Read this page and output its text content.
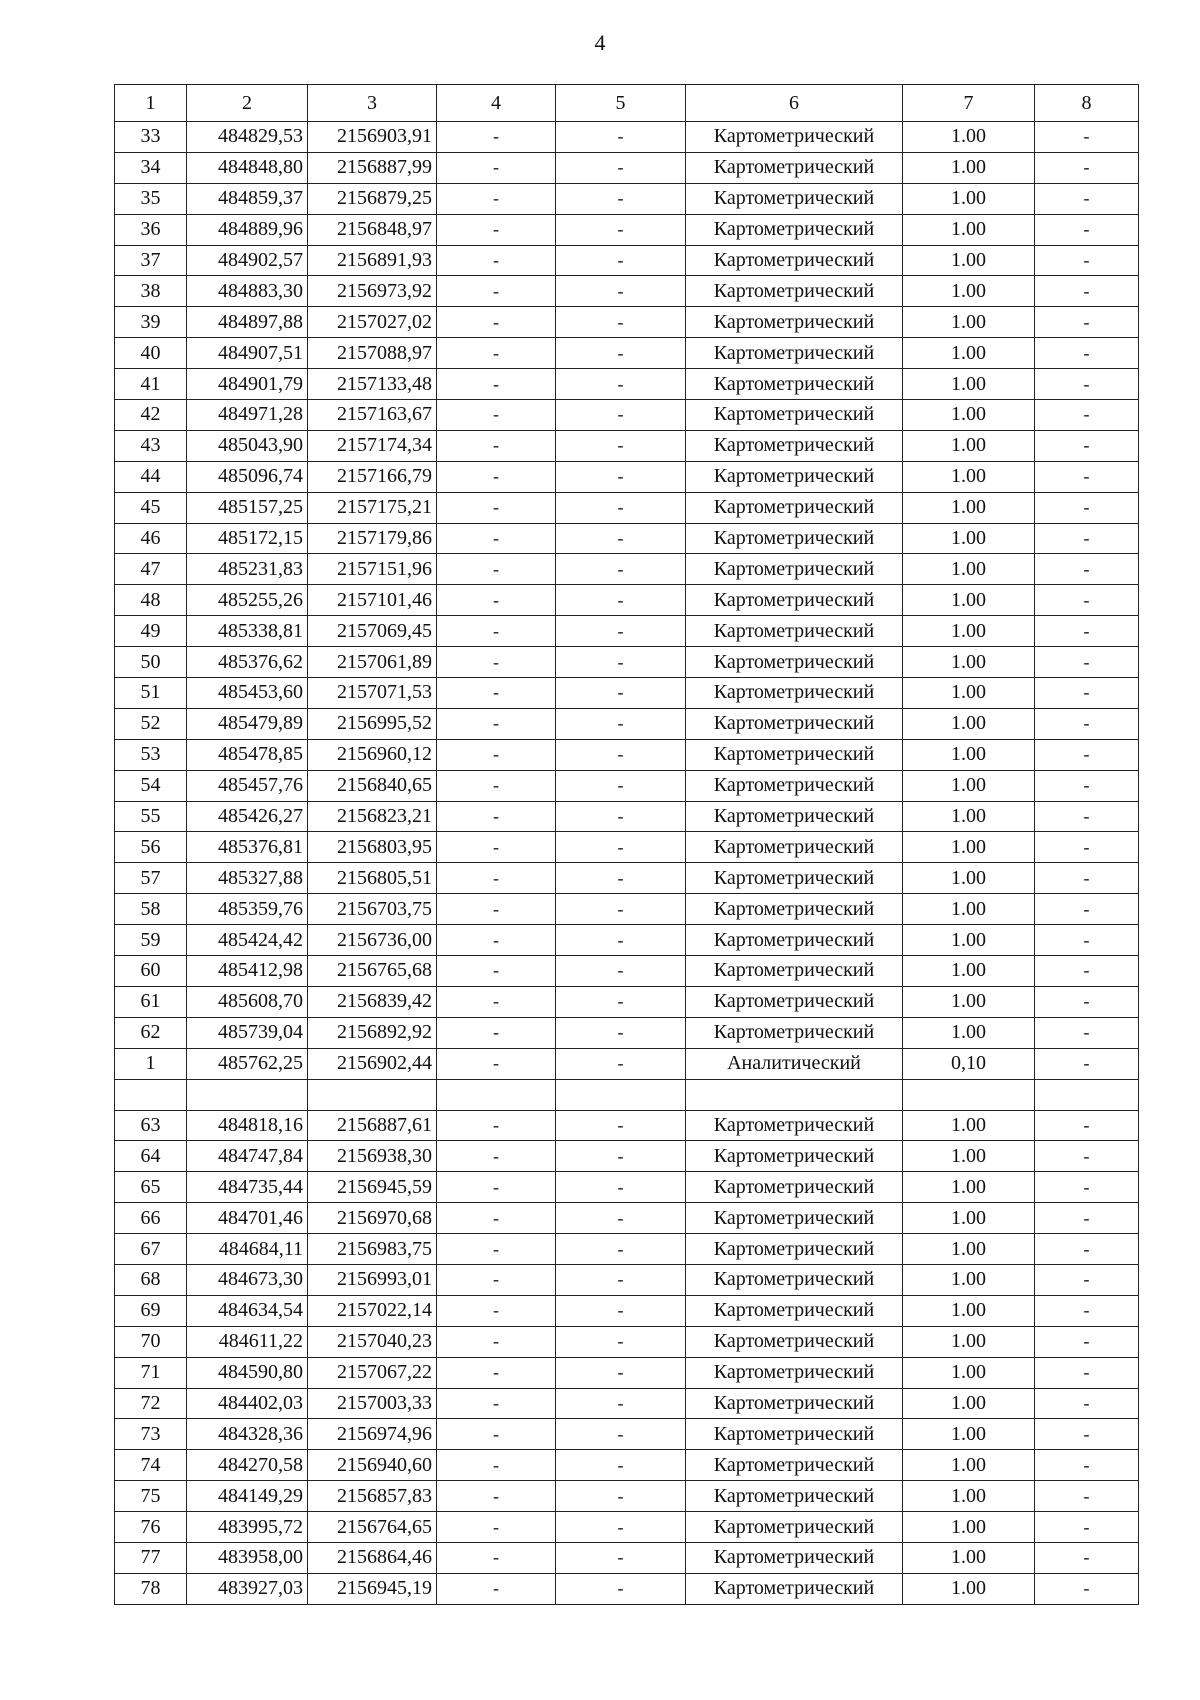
4
1	2	3	4	5	6	7	8
33	484829,53	2156903,91	-	-	Картометрический	1.00	-
34	484848,80	2156887,99	-	-	Картометрический	1.00	-
35	484859,37	2156879,25	-	-	Картометрический	1.00	-
36	484889,96	2156848,97	-	-	Картометрический	1.00	-
37	484902,57	2156891,93	-	-	Картометрический	1.00	-
38	484883,30	2156973,92	-	-	Картометрический	1.00	-
39	484897,88	2157027,02	-	-	Картометрический	1.00	-
40	484907,51	2157088,97	-	-	Картометрический	1.00	-
41	484901,79	2157133,48	-	-	Картометрический	1.00	-
42	484971,28	2157163,67	-	-	Картометрический	1.00	-
43	485043,90	2157174,34	-	-	Картометрический	1.00	-
44	485096,74	2157166,79	-	-	Картометрический	1.00	-
45	485157,25	2157175,21	-	-	Картометрический	1.00	-
46	485172,15	2157179,86	-	-	Картометрический	1.00	-
47	485231,83	2157151,96	-	-	Картометрический	1.00	-
48	485255,26	2157101,46	-	-	Картометрический	1.00	-
49	485338,81	2157069,45	-	-	Картометрический	1.00	-
50	485376,62	2157061,89	-	-	Картометрический	1.00	-
51	485453,60	2157071,53	-	-	Картометрический	1.00	-
52	485479,89	2156995,52	-	-	Картометрический	1.00	-
53	485478,85	2156960,12	-	-	Картометрический	1.00	-
54	485457,76	2156840,65	-	-	Картометрический	1.00	-
55	485426,27	2156823,21	-	-	Картометрический	1.00	-
56	485376,81	2156803,95	-	-	Картометрический	1.00	-
57	485327,88	2156805,51	-	-	Картометрический	1.00	-
58	485359,76	2156703,75	-	-	Картометрический	1.00	-
59	485424,42	2156736,00	-	-	Картометрический	1.00	-
60	485412,98	2156765,68	-	-	Картометрический	1.00	-
61	485608,70	2156839,42	-	-	Картометрический	1.00	-
62	485739,04	2156892,92	-	-	Картометрический	1.00	-
1	485762,25	2156902,44	-	-	Аналитический	0,10	-

63	484818,16	2156887,61	-	-	Картометрический	1.00	-
64	484747,84	2156938,30	-	-	Картометрический	1.00	-
65	484735,44	2156945,59	-	-	Картометрический	1.00	-
66	484701,46	2156970,68	-	-	Картометрический	1.00	-
67	484684,11	2156983,75	-	-	Картометрический	1.00	-
68	484673,30	2156993,01	-	-	Картометрический	1.00	-
69	484634,54	2157022,14	-	-	Картометрический	1.00	-
70	484611,22	2157040,23	-	-	Картометрический	1.00	-
71	484590,80	2157067,22	-	-	Картометрический	1.00	-
72	484402,03	2157003,33	-	-	Картометрический	1.00	-
73	484328,36	2156974,96	-	-	Картометрический	1.00	-
74	484270,58	2156940,60	-	-	Картометрический	1.00	-
75	484149,29	2156857,83	-	-	Картометрический	1.00	-
76	483995,72	2156764,65	-	-	Картометрический	1.00	-
77	483958,00	2156864,46	-	-	Картометрический	1.00	-
78	483927,03	2156945,19	-	-	Картометрический	1.00	-
